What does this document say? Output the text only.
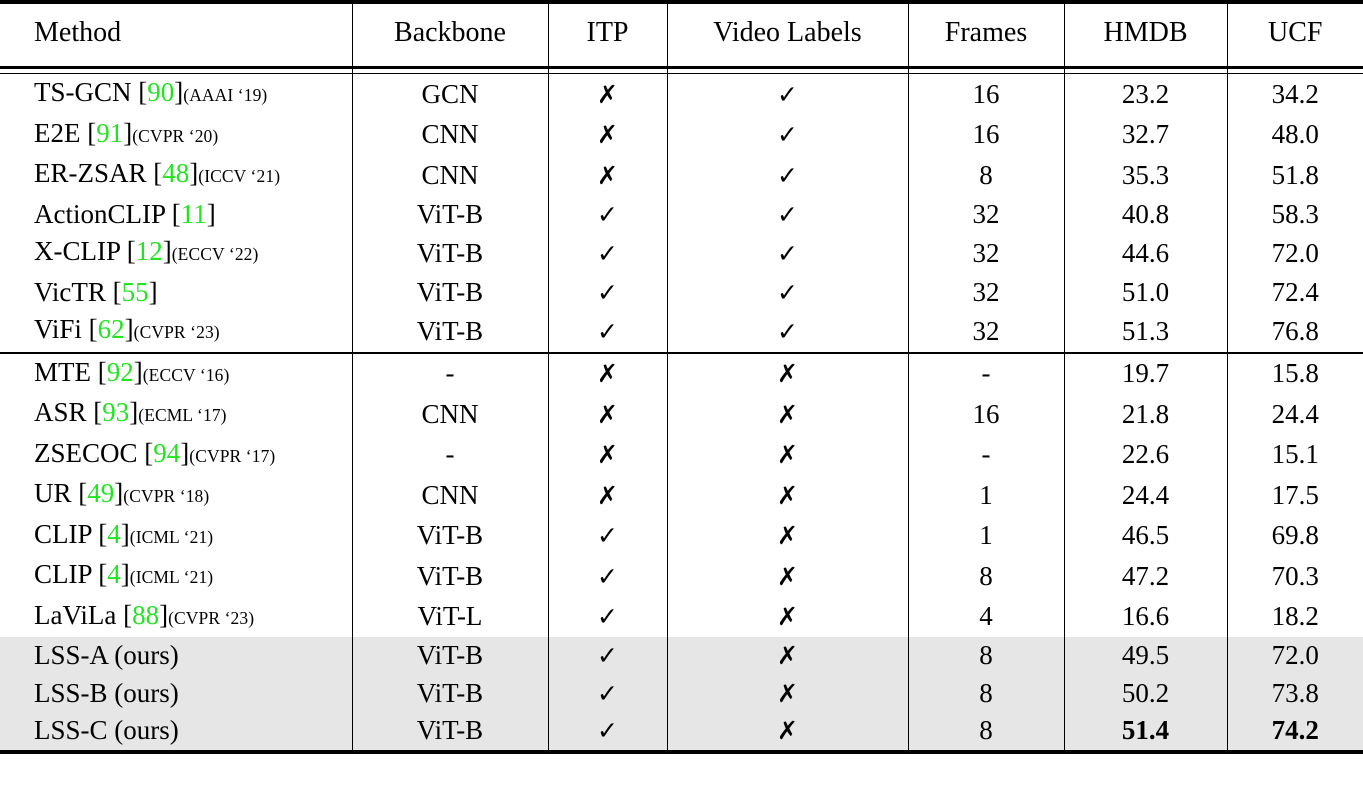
Method	Backbone	ITP	Video Labels	Frames	HMDB	UCF

TS-GCN [90](AAAI ‘19)	GCN	✗	✓	16	23.2	34.2
E2E [91](CVPR ‘20)	CNN	✗	✓	16	32.7	48.0
ER-ZSAR [48](ICCV ‘21)	CNN	✗	✓	8	35.3	51.8
ActionCLIP [11]	ViT-B	✓	✓	32	40.8	58.3
X-CLIP [12](ECCV ‘22)	ViT-B	✓	✓	32	44.6	72.0
VicTR [55]	ViT-B	✓	✓	32	51.0	72.4
ViFi [62](CVPR ‘23)	ViT-B	✓	✓	32	51.3	76.8

MTE [92](ECCV ‘16)	-	✗	✗	-	19.7	15.8
ASR [93](ECML ‘17)	CNN	✗	✗	16	21.8	24.4
ZSECOC [94](CVPR ‘17)	-	✗	✗	-	22.6	15.1
UR [49](CVPR ‘18)	CNN	✗	✗	1	24.4	17.5
CLIP [4](ICML ‘21)	ViT-B	✓	✗	1	46.5	69.8
CLIP [4](ICML ‘21)	ViT-B	✓	✗	8	47.2	70.3
LaViLa [88](CVPR ‘23)	ViT-L	✓	✗	4	16.6	18.2
LSS-A (ours)	ViT-B	✓	✗	8	49.5	72.0
LSS-B (ours)	ViT-B	✓	✗	8	50.2	73.8
LSS-C (ours)	ViT-B	✓	✗	8	51.4	74.2
